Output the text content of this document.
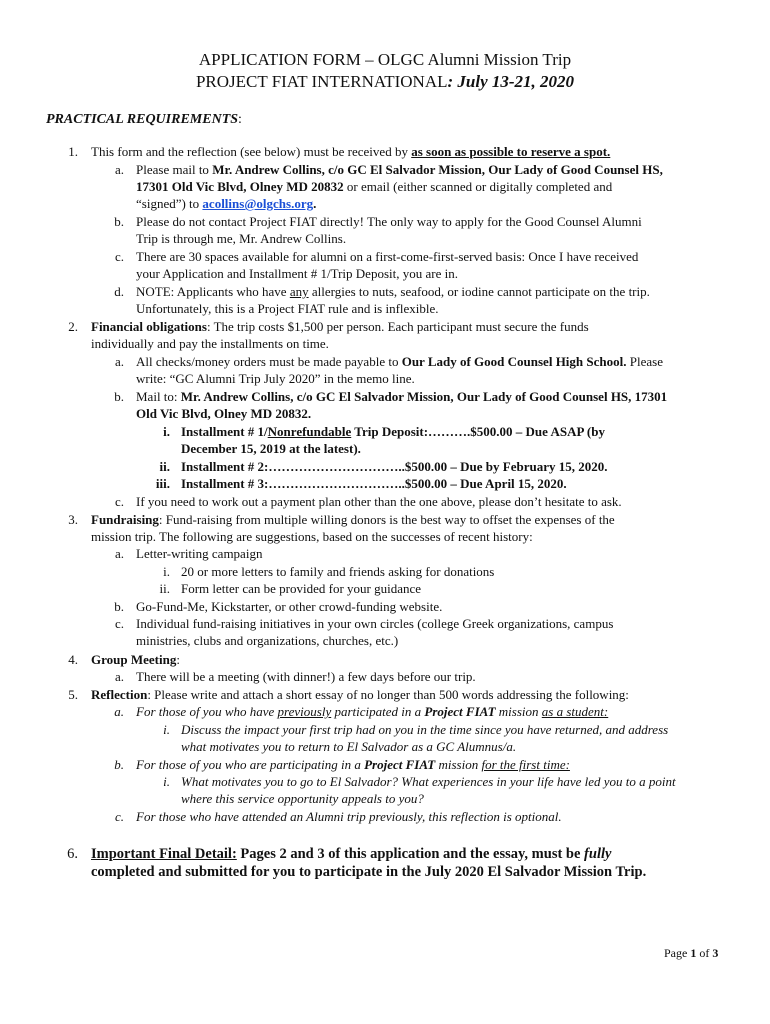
APPLICATION FORM – OLGC Alumni Mission Trip
PROJECT FIAT INTERNATIONAL: July 13-21, 2020
PRACTICAL REQUIREMENTS:
1. This form and the reflection (see below) must be received by as soon as possible to reserve a spot.
a. Please mail to Mr. Andrew Collins, c/o GC El Salvador Mission, Our Lady of Good Counsel HS,
17301 Old Vic Blvd, Olney MD 20832 or email (either scanned or digitally completed and
“signed”) to acollins@olgchs.org.
b. Please do not contact Project FIAT directly! The only way to apply for the Good Counsel Alumni
Trip is through me, Mr. Andrew Collins.
c. There are 30 spaces available for alumni on a first-come-first-served basis: Once I have received
your Application and Installment # 1/Trip Deposit, you are in.
d. NOTE: Applicants who have any allergies to nuts, seafood, or iodine cannot participate on the trip.
Unfortunately, this is a Project FIAT rule and is inflexible.
2. Financial obligations: The trip costs $1,500 per person. Each participant must secure the funds
individually and pay the installments on time.
a. All checks/money orders must be made payable to Our Lady of Good Counsel High School. Please
write: “GC Alumni Trip July 2020” in the memo line.
b. Mail to: Mr. Andrew Collins, c/o GC El Salvador Mission, Our Lady of Good Counsel HS, 17301
Old Vic Blvd, Olney MD 20832.
i. Installment # 1/Nonrefundable Trip Deposit:……….$500.00 – Due ASAP (by
December 15, 2019 at the latest).
ii. Installment # 2:…………………………..$500.00 – Due by February 15, 2020.
iii. Installment # 3:…………………………..$500.00 – Due April 15, 2020.
c. If you need to work out a payment plan other than the one above, please don’t hesitate to ask.
3. Fundraising: Fund-raising from multiple willing donors is the best way to offset the expenses of the
mission trip. The following are suggestions, based on the successes of recent history:
a. Letter-writing campaign
i. 20 or more letters to family and friends asking for donations
ii. Form letter can be provided for your guidance
b. Go-Fund-Me, Kickstarter, or other crowd-funding website.
c. Individual fund-raising initiatives in your own circles (college Greek organizations, campus
ministries, clubs and organizations, churches, etc.)
4. Group Meeting:
a. There will be a meeting (with dinner!) a few days before our trip.
5. Reflection: Please write and attach a short essay of no longer than 500 words addressing the following:
a. For those of you who have previously participated in a Project FIAT mission as a student:
i. Discuss the impact your first trip had on you in the time since you have returned, and address
what motivates you to return to El Salvador as a GC Alumnus/a.
b. For those of you who are participating in a Project FIAT mission for the first time:
i. What motivates you to go to El Salvador? What experiences in your life have led you to a point
where this service opportunity appeals to you?
c. For those who have attended an Alumni trip previously, this reflection is optional.
6. Important Final Detail: Pages 2 and 3 of this application and the essay, must be fully
completed and submitted for you to participate in the July 2020 El Salvador Mission Trip.
Page 1 of 3
